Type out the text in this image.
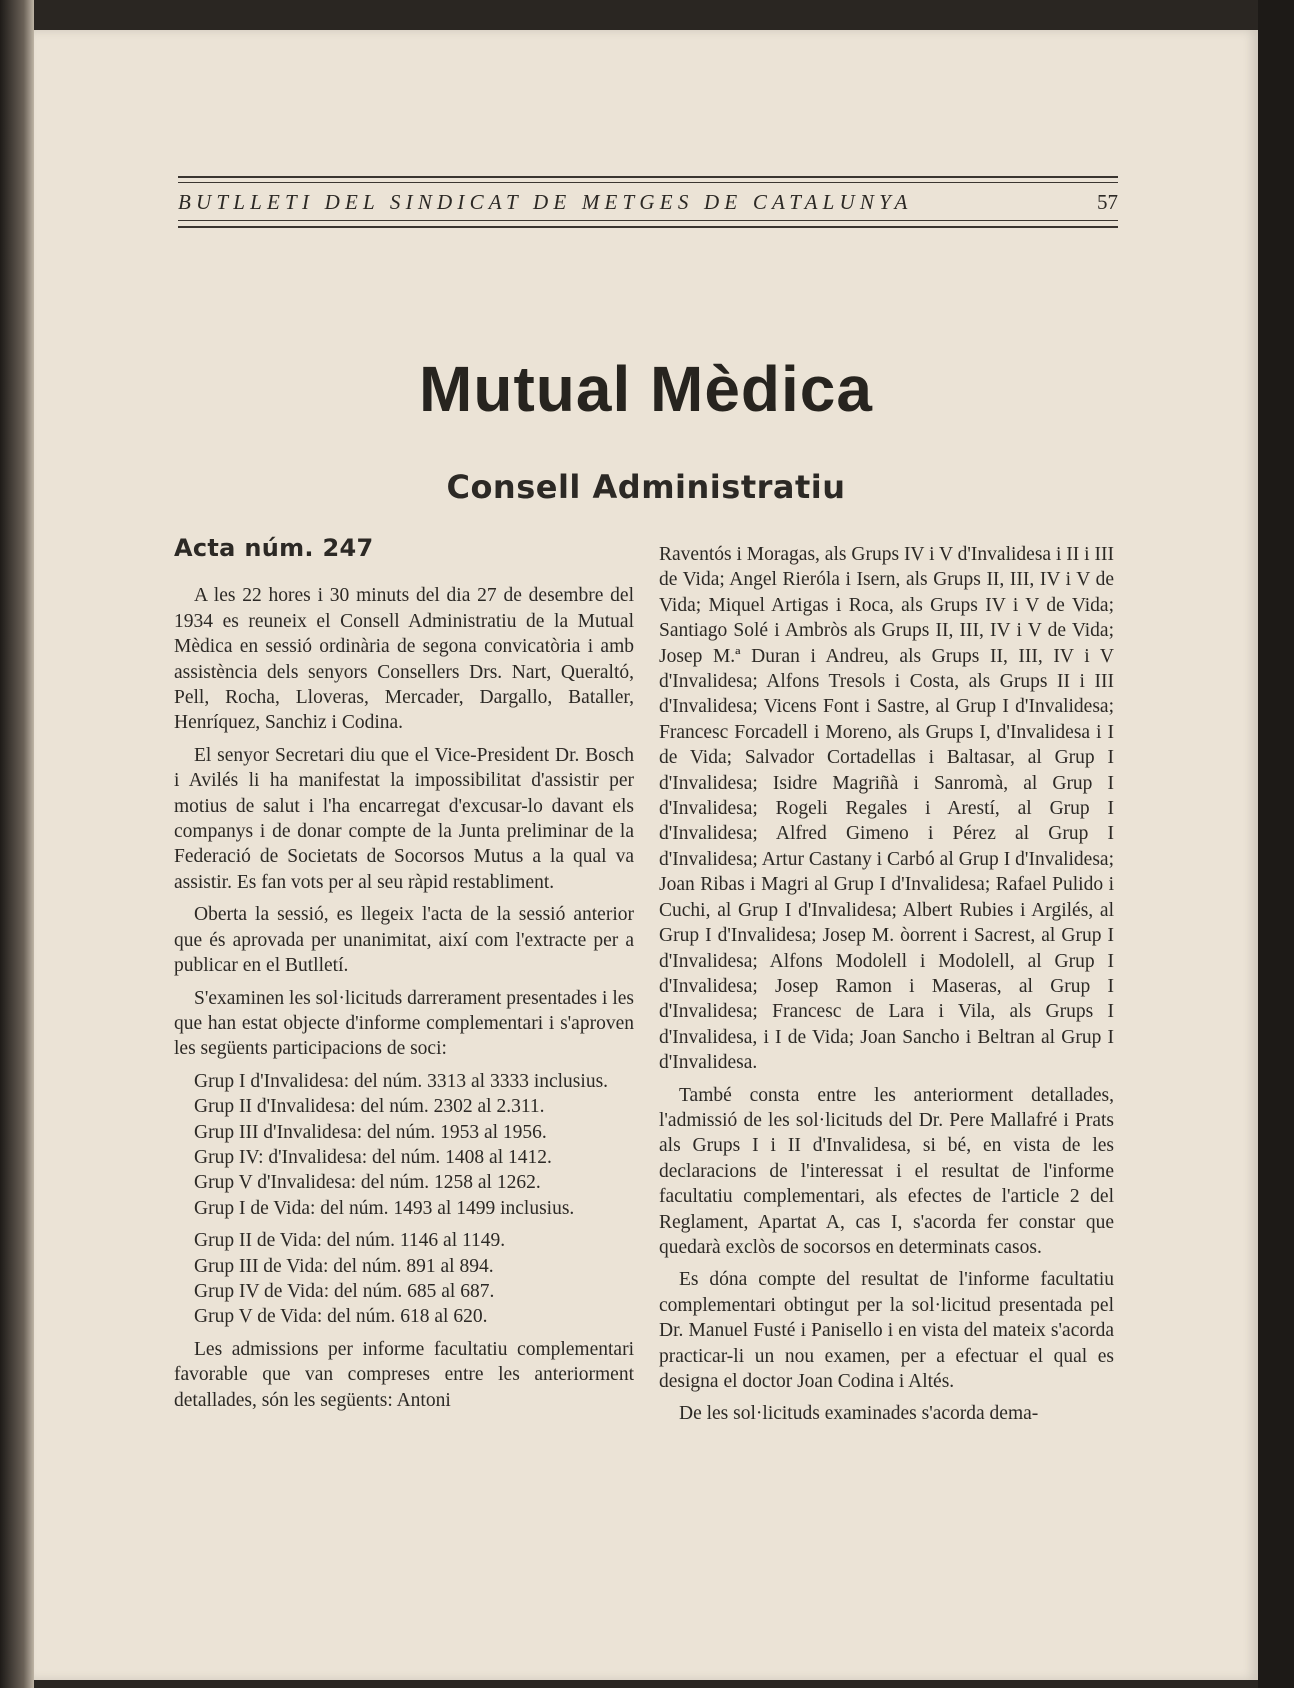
BUTLLETI DEL SINDICAT DE METGES DE CATALUNYA	57
Mutual Mèdica
Consell Administratiu
Acta núm. 247

A les 22 hores i 30 minuts del dia 27 de desembre del 1934 es reuneix el Consell Administratiu de la Mutual Mèdica en sessió ordinària de segona convicatòria i amb assistència dels senyors Consellers Drs. Nart, Queraltó, Pell, Rocha, Lloveras, Mercader, Dargallo, Bataller, Henríquez, Sanchiz i Codina.

El senyor Secretari diu que el Vice-President Dr. Bosch i Avilés li ha manifestat la impossibilitat d'assistir per motius de salut i l'ha encarregat d'excusar-lo davant els companys i de donar compte de la Junta preliminar de la Federació de Societats de Socorsos Mutus a la qual va assistir. Es fan vots per al seu ràpid restabliment.

Oberta la sessió, es llegeix l'acta de la sessió anterior que és aprovada per unanimitat, així com l'extracte per a publicar en el Butlletí.

S'examinen les sol·licituds darrerament presentades i les que han estat objecte d'informe complementari i s'aproven les següents participacions de soci:

Grup I d'Invalidesa: del núm. 3313 al 3333 inclusius.
Grup II d'Invalidesa: del núm. 2302 al 2.311.
Grup III d'Invalidesa: del núm. 1953 al 1956.
Grup IV: d'Invalidesa: del núm. 1408 al 1412.
Grup V d'Invalidesa: del núm. 1258 al 1262.
Grup I de Vida: del núm. 1493 al 1499 inclusius.
Grup II de Vida: del núm. 1146 al 1149.
Grup III de Vida: del núm. 891 al 894.
Grup IV de Vida: del núm. 685 al 687.
Grup V de Vida: del núm. 618 al 620.

Les admissions per informe facultatiu complementari favorable que van compreses entre les anteriorment detallades, són les següents: Antoni

Raventós i Moragas, als Grups IV i V d'Invalidesa i II i III de Vida; Angel Rieróla i Isern, als Grups II, III, IV i V de Vida; Miquel Artigas i Roca, als Grups IV i V de Vida; Santiago Solé i Ambròs als Grups II, III, IV i V de Vida; Josep M.ª Duran i Andreu, als Grups II, III, IV i V d'Invalidesa; Alfons Tresols i Costa, als Grups II i III d'Invalidesa; Vicens Font i Sastre, al Grup I d'Invalidesa; Francesc Forcadell i Moreno, als Grups I, d'Invalidesa i I de Vida; Salvador Cortadellas i Baltasar, al Grup I d'Invalidesa; Isidre Magriñà i Sanromà, al Grup I d'Invalidesa; Rogeli Regales i Arestí, al Grup I d'Invalidesa; Alfred Gimeno i Pérez al Grup I d'Invalidesa; Artur Castany i Carbó al Grup I d'Invalidesa; Joan Ribas i Magri al Grup I d'Invalidesa; Rafael Pulido i Cuchi, al Grup I d'Invalidesa; Albert Rubies i Argilés, al Grup I d'Invalidesa; Josep M. òorrent i Sacrest, al Grup I d'Invalidesa; Alfons Modolell i Modolell, al Grup I d'Invalidesa; Josep Ramon i Maseras, al Grup I d'Invalidesa; Francesc de Lara i Vila, als Grups I d'Invalidesa, i I de Vida; Joan Sancho i Beltran al Grup I d'Invalidesa.

També consta entre les anteriorment detallades, l'admissió de les sol·licituds del Dr. Pere Mallafré i Prats als Grups I i II d'Invalidesa, si bé, en vista de les declaracions de l'interessat i el resultat de l'informe facultatiu complementari, als efectes de l'article 2 del Reglament, Apartat A, cas I, s'acorda fer constar que quedarà exclòs de socorsos en determinats casos.

Es dóna compte del resultat de l'informe facultatiu complementari obtingut per la sol·licitud presentada pel Dr. Manuel Fusté i Panisello i en vista del mateix s'acorda practicar-li un nou examen, per a efectuar el qual es designa el doctor Joan Codina i Altés.

De les sol·licituds examinades s'acorda dema-
